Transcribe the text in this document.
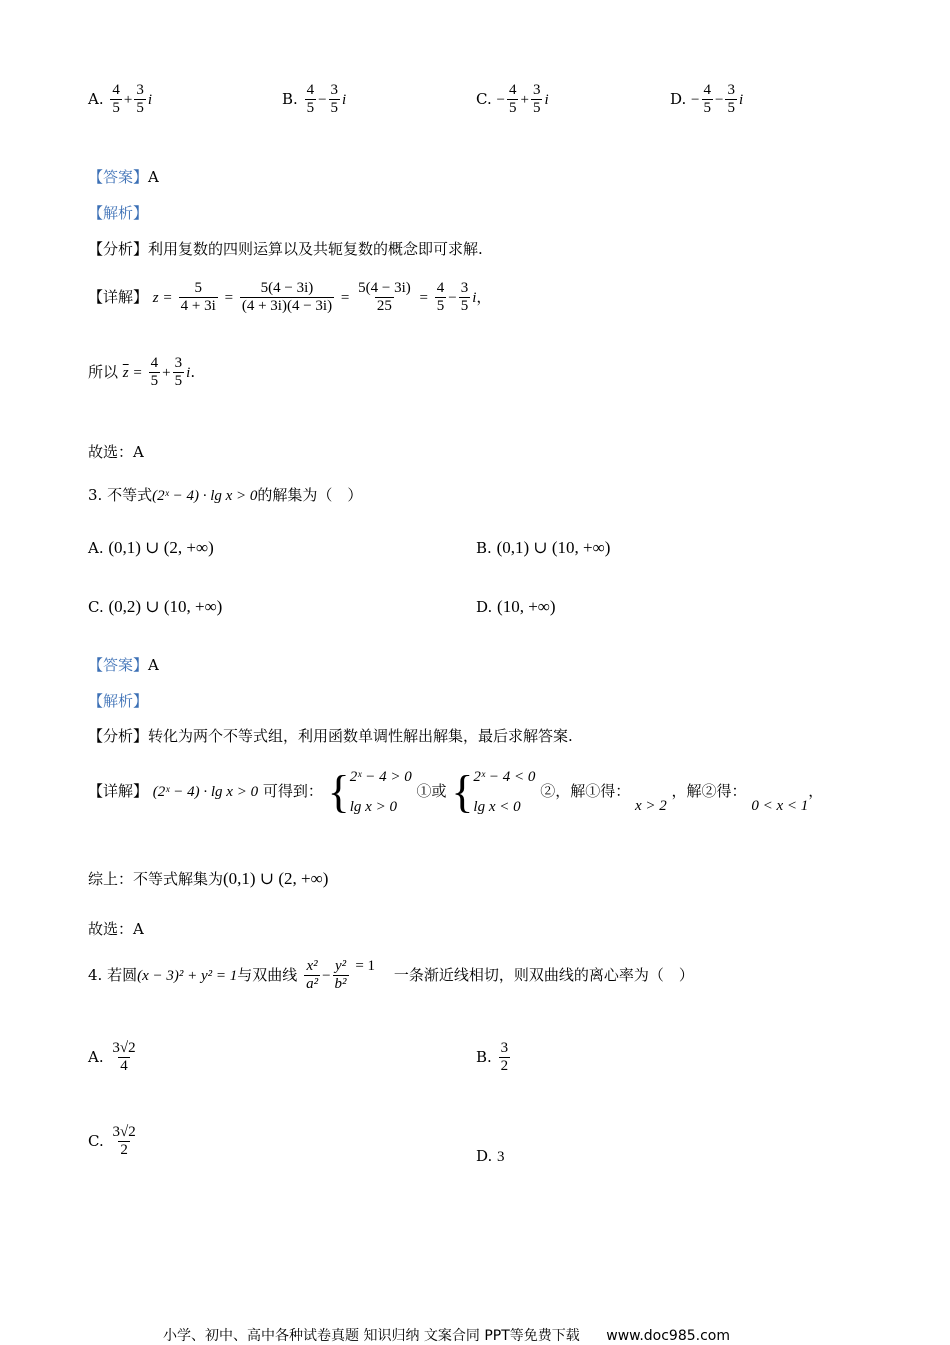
A. $\frac{4}{5} + \frac{3}{5}$ i	B. $\frac{4}{5} - \frac{3}{5}$ i	C. − $\frac{4}{5} + \frac{3}{5}$ i	D. − $\frac{4}{5} - \frac{3}{5}$ i
【答案】A
【解析】
【分析】利用复数的四则运算以及共轭复数的概念即可求解.
【详解】 $z = \frac{5}{4 + 3i} = \frac{5(4 - 3i)}{(4 + 3i)(4 - 3i)} = \frac{5(4 - 3i)}{25} = \frac{4}{5} - \frac{3}{5}$ i，
所以 $\overline{z} = \frac{4}{5} + \frac{3}{5} i$.
故选：A
3. 不等式(2ˣ − 4) · lg x > 0的解集为（　）
A. (0,1) ∪ (2, +∞)	B. (0,1) ∪ (10, +∞)
C. (0,2) ∪ (10, +∞)	D. (10, +∞)
【答案】A
【解析】
【分析】转化为两个不等式组，利用函数单调性解出解集，最后求解答案.
【详解】 (2ˣ − 4) · lg x > 0 可得到： { 2ˣ − 4 > 0
lg x > 0
①或 { 2ˣ − 4 < 0
lg x < 0
②，解①得： x > 2 ，解②得： 0 < x < 1，
综上：不等式解集为(0,1) ∪ (2, +∞)
故选：A
4. 若圆(x − 3)² + y² = 1与双曲线 $\frac{\text{x²}}{\text{a²}} - \frac{\text{y²}}{\text{b²}} = 1$ 一条渐近线相切，则双曲线的离心率为（　）
A. $\frac{3√2}{4}$	B. $\frac{3}{2}$
C. $\frac{3√2}{2}$	D. 3
小学、初中、高中各种试卷真题 知识归纳 文案合同 PPT等免费下载 www.doc985.com
